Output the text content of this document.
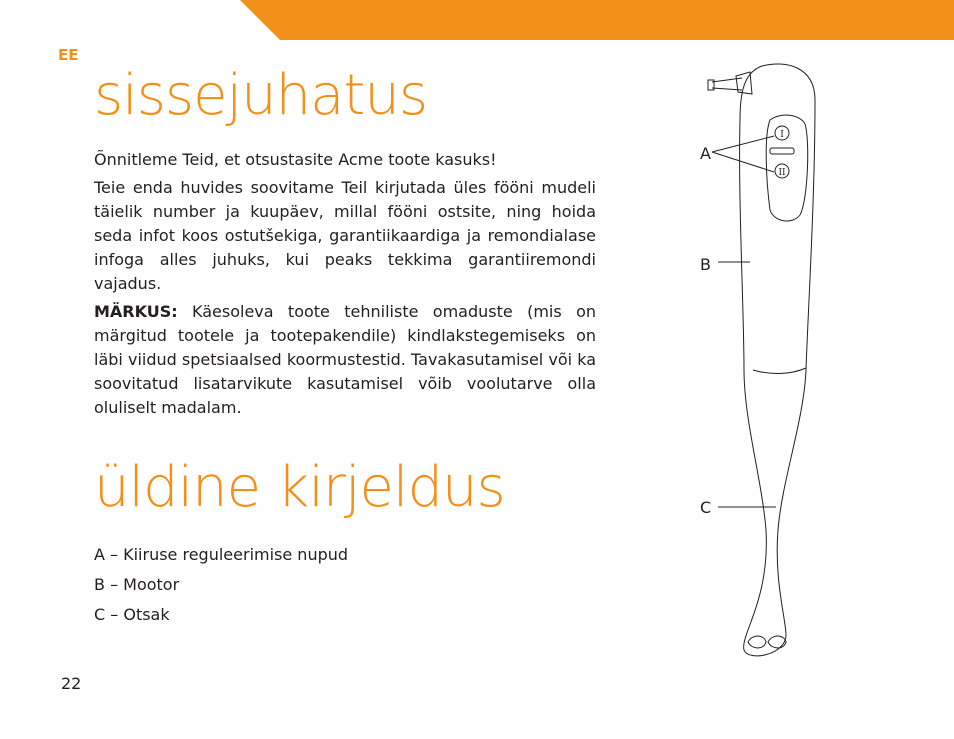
EE
sissejuhatus

Õnnitleme Teid, et otsustasite Acme toote kasuks!

Teie enda huvides soovitame Teil kirjutada üles fööni mudeli täielik number ja kuupäev, millal fööni ostsite, ning hoida seda infot koos ostutšekiga, garantiikaardiga ja remondialase infoga alles juhuks, kui peaks tekkima garantiiremondi vajadus.

MÄRKUS: Käesoleva toote tehniliste omaduste (mis on märgitud tootele ja tootepakendile) kindlakstegemiseks on läbi viidud spetsiaalsed koormustestid. Tavakasutamisel või ka soovitatud lisatarvikute kasutamisel võib voolutarve olla oluliselt madalam.

üldine kirjeldus
A – Kiiruse reguleerimise nupud
B – Mootor
C – Otsak
22
I
II
A
B
C
